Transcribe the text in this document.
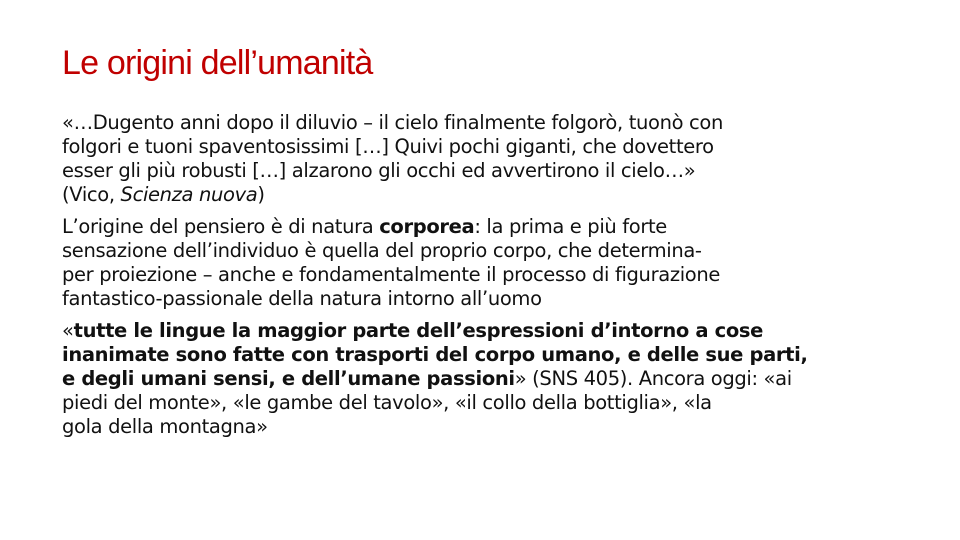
Le origini dell’umanità

«…Dugento anni dopo il diluvio – il cielo finalmente folgorò, tuonò con
folgori e tuoni spaventosissimi […] Quivi pochi giganti, che dovettero
esser gli più robusti […] alzarono gli occhi ed avvertirono il cielo…»
(Vico, Scienza nuova)

L’origine del pensiero è di natura corporea: la prima e più forte
sensazione dell’individuo è quella del proprio corpo, che determina-
per proiezione – anche e fondamentalmente il processo di figurazione
fantastico-passionale della natura intorno all’uomo

«tutte le lingue la maggior parte dell’espressioni d’intorno a cose
inanimate sono fatte con trasporti del corpo umano, e delle sue parti,
e degli umani sensi, e dell’umane passioni» (SNS 405). Ancora oggi: «ai
piedi del monte», «le gambe del tavolo», «il collo della bottiglia», «la
gola della montagna»
